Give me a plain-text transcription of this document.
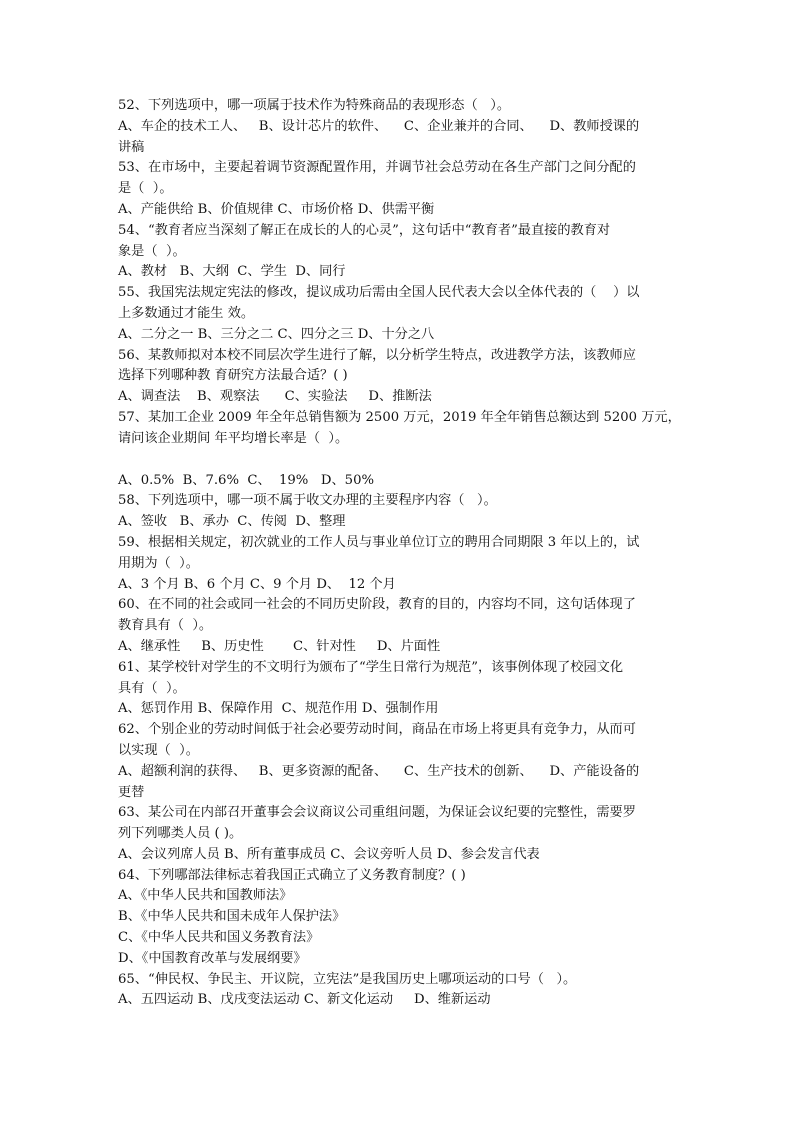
52、下列选项中，哪一项属于技术作为特殊商品的表现形态（   ）。
A、车企的技术工人、   B、设计芯片的软件、    C、企业兼并的合同、    D、教师授课的
讲稿
53、在市场中，主要起着调节资源配置作用，并调节社会总劳动在各生产部门之间分配的
是（  ）。
A、产能供给 B、价值规律 C、市场价格 D、供需平衡
54、“教育者应当深刻了解正在成长的人的心灵”，这句话中“教育者”最直接的教育对
象是（  ）。
A、教材   B、大纲  C、学生  D、同行
55、我国宪法规定宪法的修改，提议成功后需由全国人民代表大会以全体代表的（    ）以
上多数通过才能生 效。
A、二分之一 B、三分之二 C、四分之三 D、十分之八
56、某教师拟对本校不同层次学生进行了解，以分析学生特点，改进教学方法，该教师应
选择下列哪种教 育研究方法最合适？( )
A、调查法    B、观察法      C、实验法     D、推断法
57、某加工企业 2009 年全年总销售额为 2500 万元，2019 年全年销售总额达到 5200 万元，
请问该企业期间 年平均增长率是（  ）。
A、0.5%  B、7.6%  C、  19%   D、50%
58、下列选项中，哪一项不属于收文办理的主要程序内容（   ）。
A、签收   B、承办  C、传阅  D、整理
59、根据相关规定，初次就业的工作人员与事业单位订立的聘用合同期限 3 年以上的，试
用期为（  ）。
A、3 个月 B、6 个月 C、9 个月 D、  12 个月
60、在不同的社会或同一社会的不同历史阶段，教育的目的，内容均不同，这句话体现了
教育具有（  ）。
A、继承性     B、历史性       C、针对性     D、片面性
61、某学校针对学生的不文明行为颁布了“学生日常行为规范”，该事例体现了校园文化
具有（  ）。
A、惩罚作用 B、保障作用  C、规范作用 D、强制作用
62、个别企业的劳动时间低于社会必要劳动时间，商品在市场上将更具有竞争力，从而可
以实现（  ）。
A、超额利润的获得、   B、更多资源的配备、    C、生产技术的创新、    D、产能设备的
更替
63、某公司在内部召开董事会会议商议公司重组问题，为保证会议纪要的完整性，需要罗
列下列哪类人员 ( )。
A、会议列席人员 B、所有董事成员 C、会议旁听人员 D、参会发言代表
64、下列哪部法律标志着我国正式确立了义务教育制度？( )
A、《中华人民共和国教师法》
B、《中华人民共和国未成年人保护法》
C、《中华人民共和国义务教育法》
D、《中国教育改革与发展纲要》
65、“伸民权、争民主、开议院，立宪法”是我国历史上哪项运动的口号（   ）。
A、五四运动 B、戊戌变法运动 C、新文化运动     D、维新运动
